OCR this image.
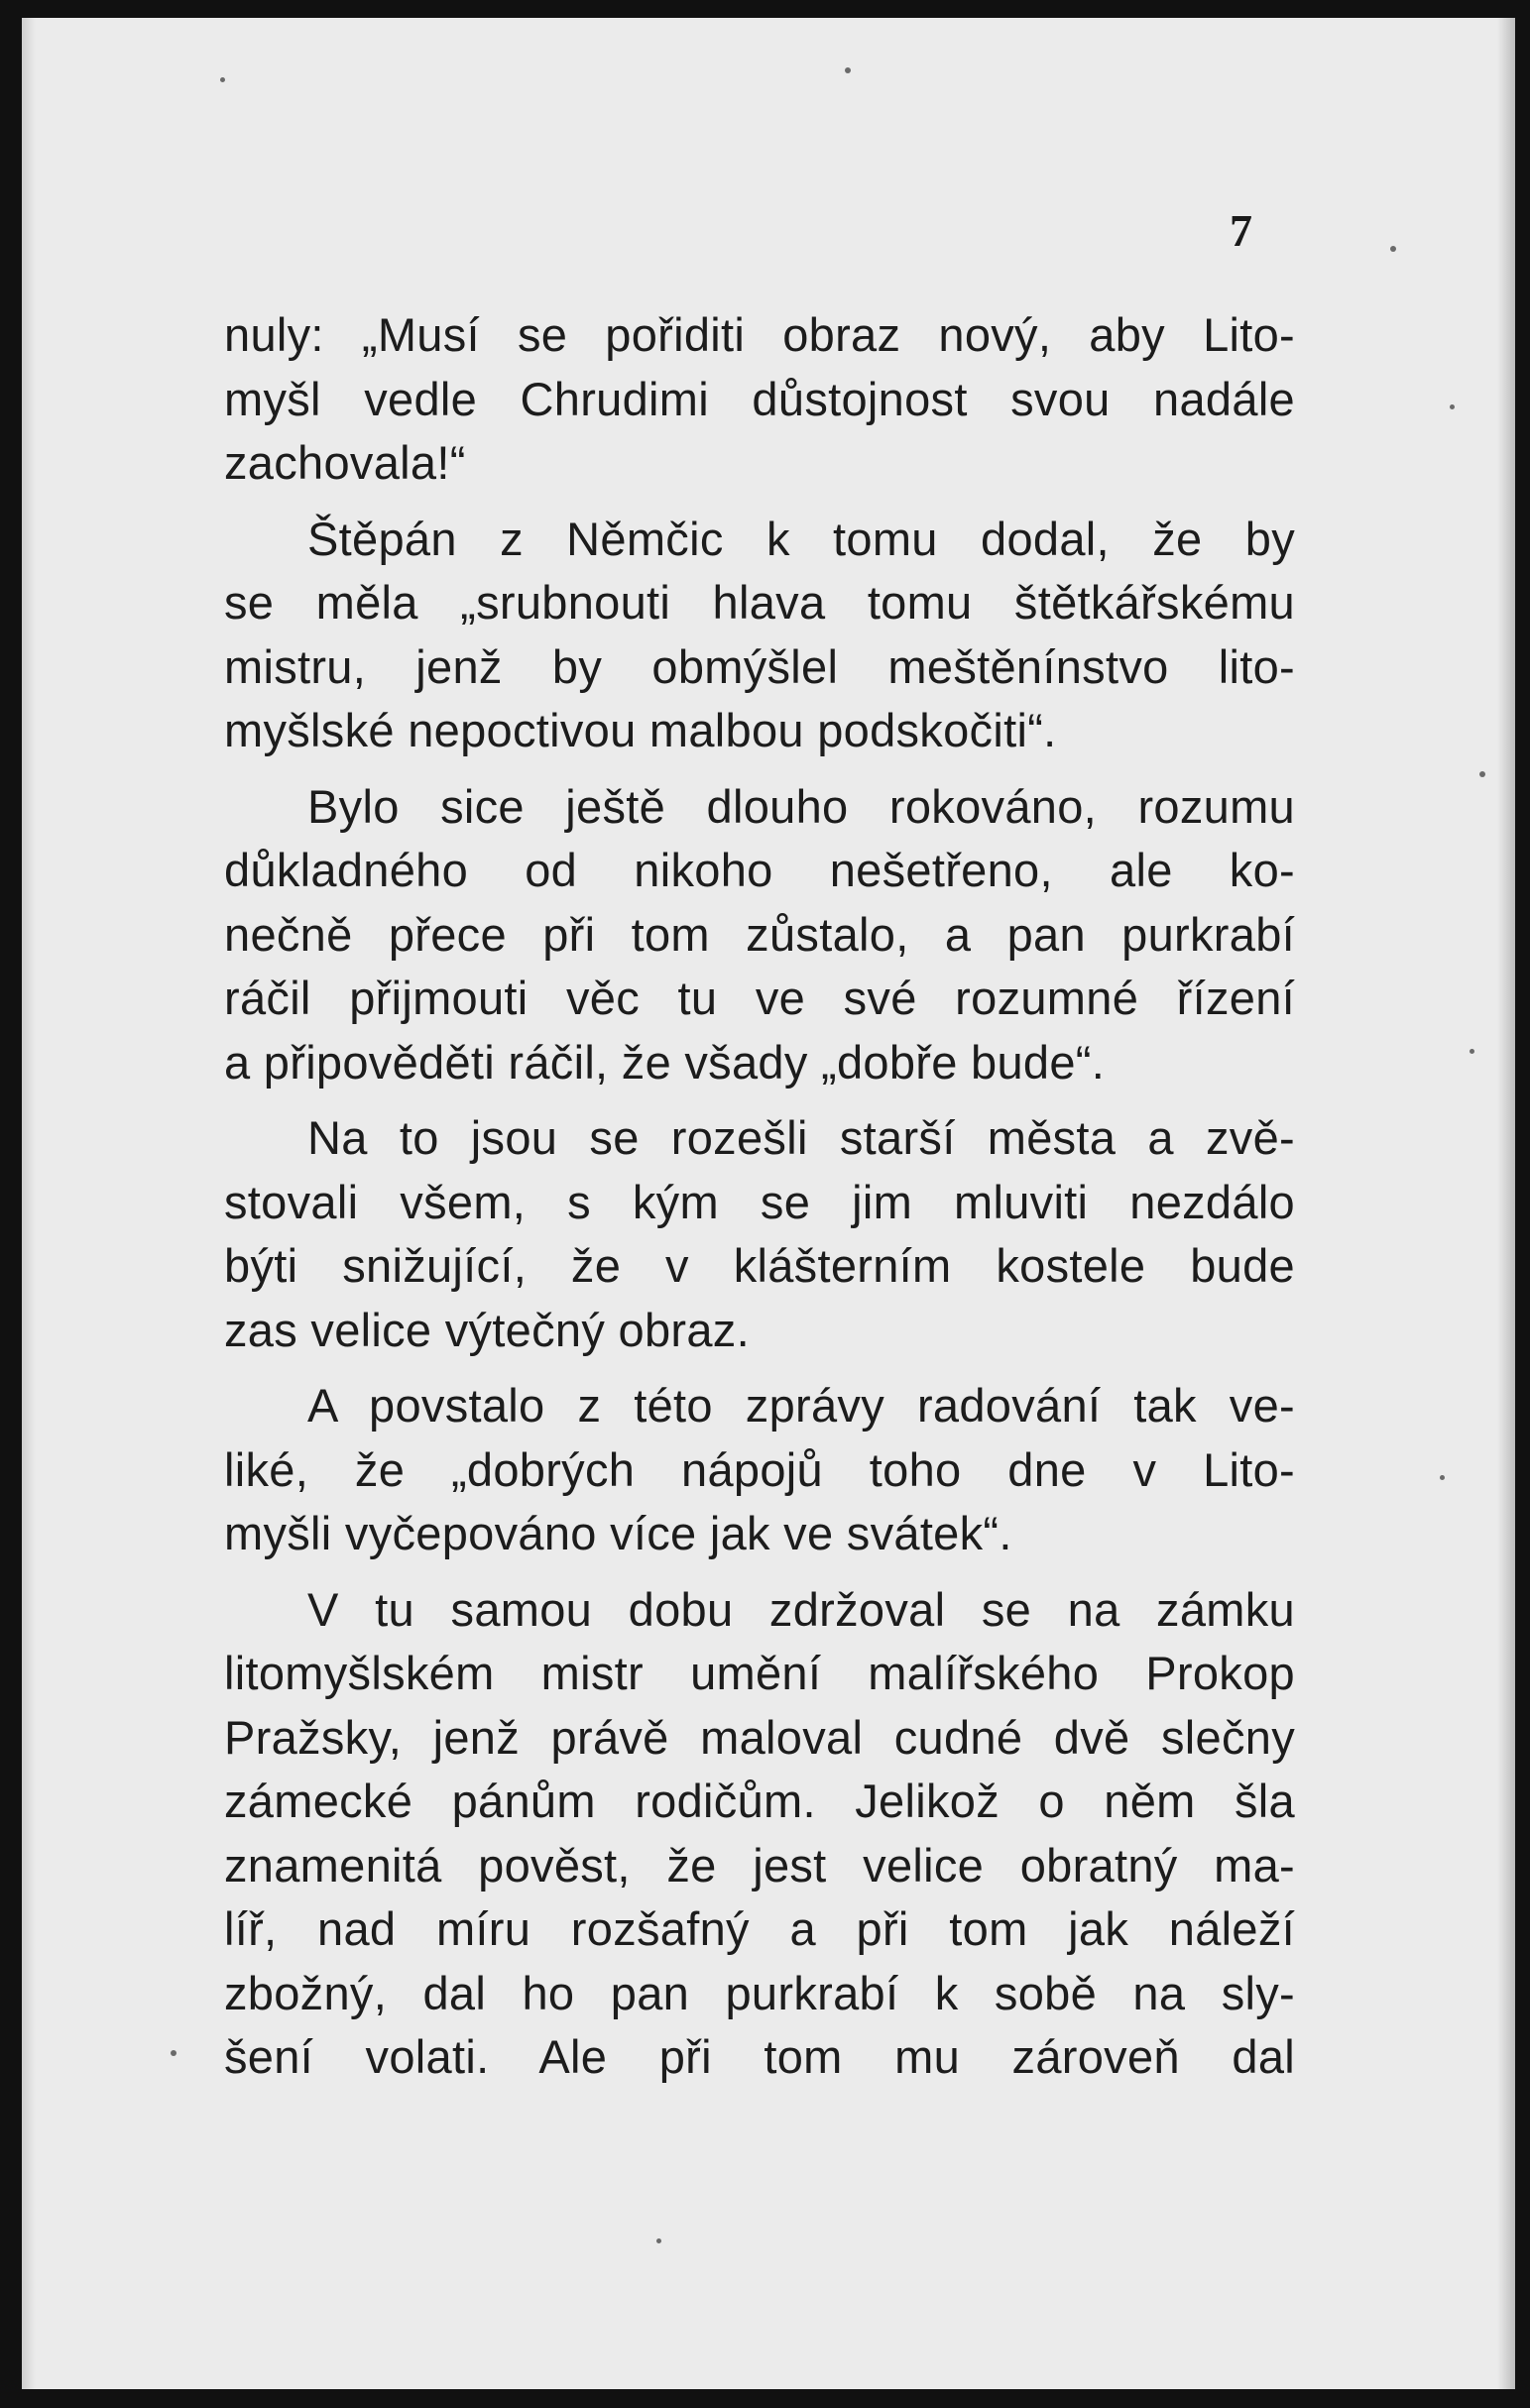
7
nuly: „Musí se pořiditi obraz nový, aby Lito-
myšl vedle Chrudimi důstojnost svou nadále
zachovala!“
Štěpán z Němčic k tomu dodal, že by
se měla „srubnouti hlava tomu štětkářskému
mistru, jenž by obmýšlel meštěnínstvo lito-
myšlské nepoctivou malbou podskočiti“.
Bylo sice ještě dlouho rokováno, rozumu
důkladného od nikoho nešetřeno, ale ko-
nečně přece při tom zůstalo, a pan purkrabí
ráčil přijmouti věc tu ve své rozumné řízení
a připověděti ráčil, že všady „dobře bude“.
Na to jsou se rozešli starší města a zvě-
stovali všem, s kým se jim mluviti nezdálo
býti snižující, že v klášterním kostele bude
zas velice výtečný obraz.
A povstalo z této zprávy radování tak ve-
liké, že „dobrých nápojů toho dne v Lito-
myšli vyčepováno více jak ve svátek“.
V tu samou dobu zdržoval se na zámku
litomyšlském mistr umění malířského Prokop
Pražsky, jenž právě maloval cudné dvě slečny
zámecké pánům rodičům. Jelikož o něm šla
znamenitá pověst, že jest velice obratný ma-
líř, nad míru rozšafný a při tom jak náleží
zbožný, dal ho pan purkrabí k sobě na sly-
šení volati. Ale při tom mu zároveň dal
